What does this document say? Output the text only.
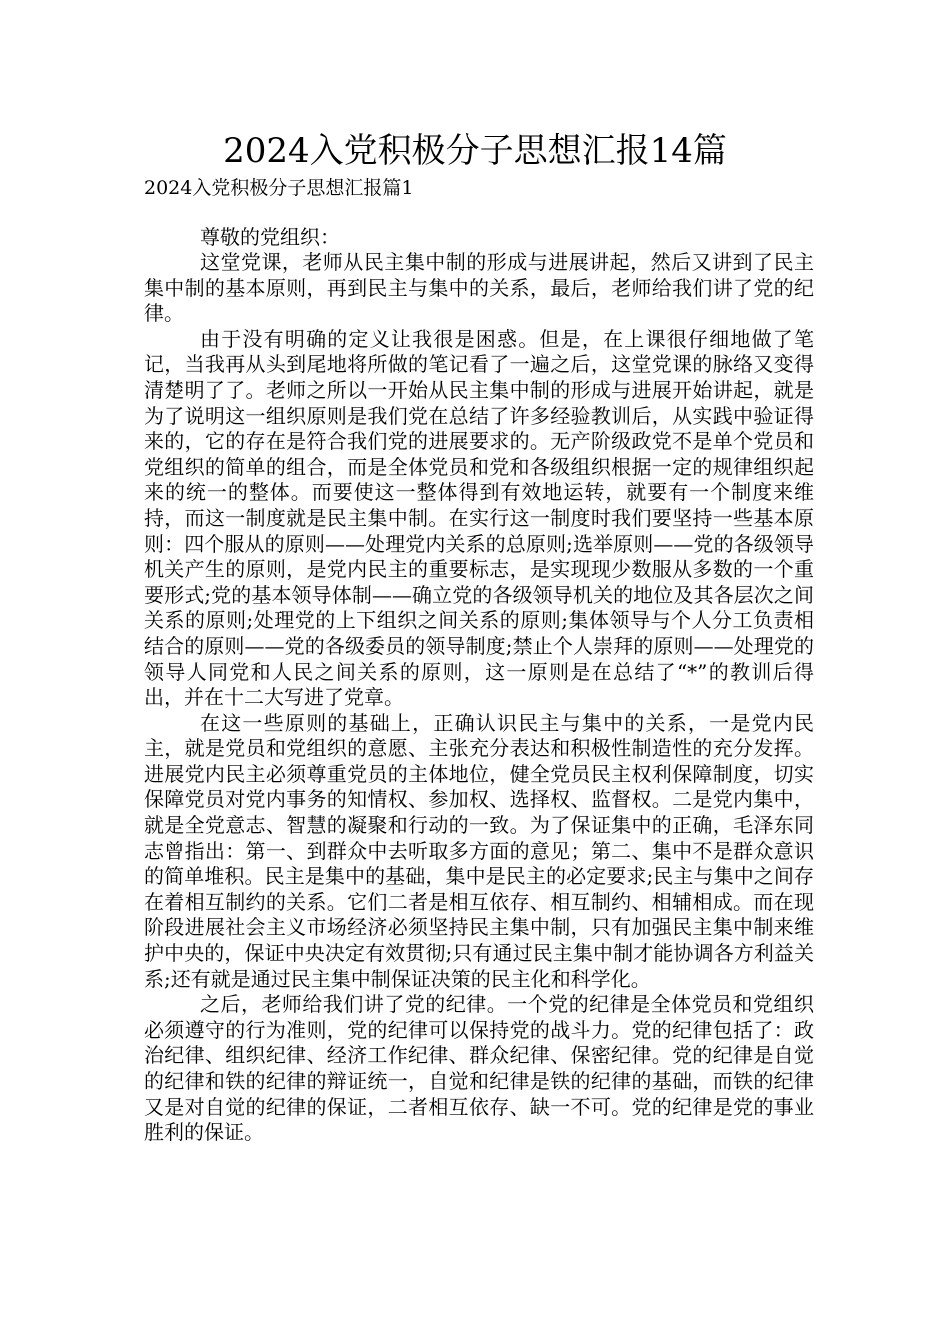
2024入党积极分子思想汇报14篇

2024入党积极分子思想汇报篇1

尊敬的党组织：

这堂党课，老师从民主集中制的形成与进展讲起，然后又讲到了民主集中制的基本原则，再到民主与集中的关系，最后，老师给我们讲了党的纪律。

由于没有明确的定义让我很是困惑。但是，在上课很仔细地做了笔记，当我再从头到尾地将所做的笔记看了一遍之后，这堂党课的脉络又变得清楚明了了。老师之所以一开始从民主集中制的形成与进展开始讲起，就是为了说明这一组织原则是我们党在总结了许多经验教训后，从实践中验证得来的，它的存在是符合我们党的进展要求的。无产阶级政党不是单个党员和党组织的简单的组合，而是全体党员和党和各级组织根据一定的规律组织起来的统一的整体。而要使这一整体得到有效地运转，就要有一个制度来维持，而这一制度就是民主集中制。在实行这一制度时我们要坚持一些基本原则：四个服从的原则——处理党内关系的总原则;选举原则——党的各级领导机关产生的原则，是党内民主的重要标志，是实现现少数服从多数的一个重要形式;党的基本领导体制——确立党的各级领导机关的地位及其各层次之间关系的原则;处理党的上下组织之间关系的原则;集体领导与个人分工负责相结合的原则——党的各级委员的领导制度;禁止个人崇拜的原则——处理党的领导人同党和人民之间关系的原则，这一原则是在总结了“*”的教训后得出，并在十二大写进了党章。

在这一些原则的基础上，正确认识民主与集中的关系，一是党内民主，就是党员和党组织的意愿、主张充分表达和积极性制造性的充分发挥。进展党内民主必须尊重党员的主体地位，健全党员民主权利保障制度，切实保障党员对党内事务的知情权、参加权、选择权、监督权。二是党内集中，就是全党意志、智慧的凝聚和行动的一致。为了保证集中的正确，毛泽东同志曾指出：第一、到群众中去听取多方面的意见；第二、集中不是群众意识的简单堆积。民主是集中的基础，集中是民主的必定要求;民主与集中之间存在着相互制约的关系。它们二者是相互依存、相互制约、相辅相成。而在现阶段进展社会主义市场经济必须坚持民主集中制，只有加强民主集中制来维护中央的，保证中央决定有效贯彻;只有通过民主集中制才能协调各方利益关系;还有就是通过民主集中制保证决策的民主化和科学化。

之后，老师给我们讲了党的纪律。一个党的纪律是全体党员和党组织必须遵守的行为准则，党的纪律可以保持党的战斗力。党的纪律包括了：政治纪律、组织纪律、经济工作纪律、群众纪律、保密纪律。党的纪律是自觉的纪律和铁的纪律的辩证统一，自觉和纪律是铁的纪律的基础，而铁的纪律又是对自觉的纪律的保证，二者相互依存、缺一不可。党的纪律是党的事业胜利的保证。
